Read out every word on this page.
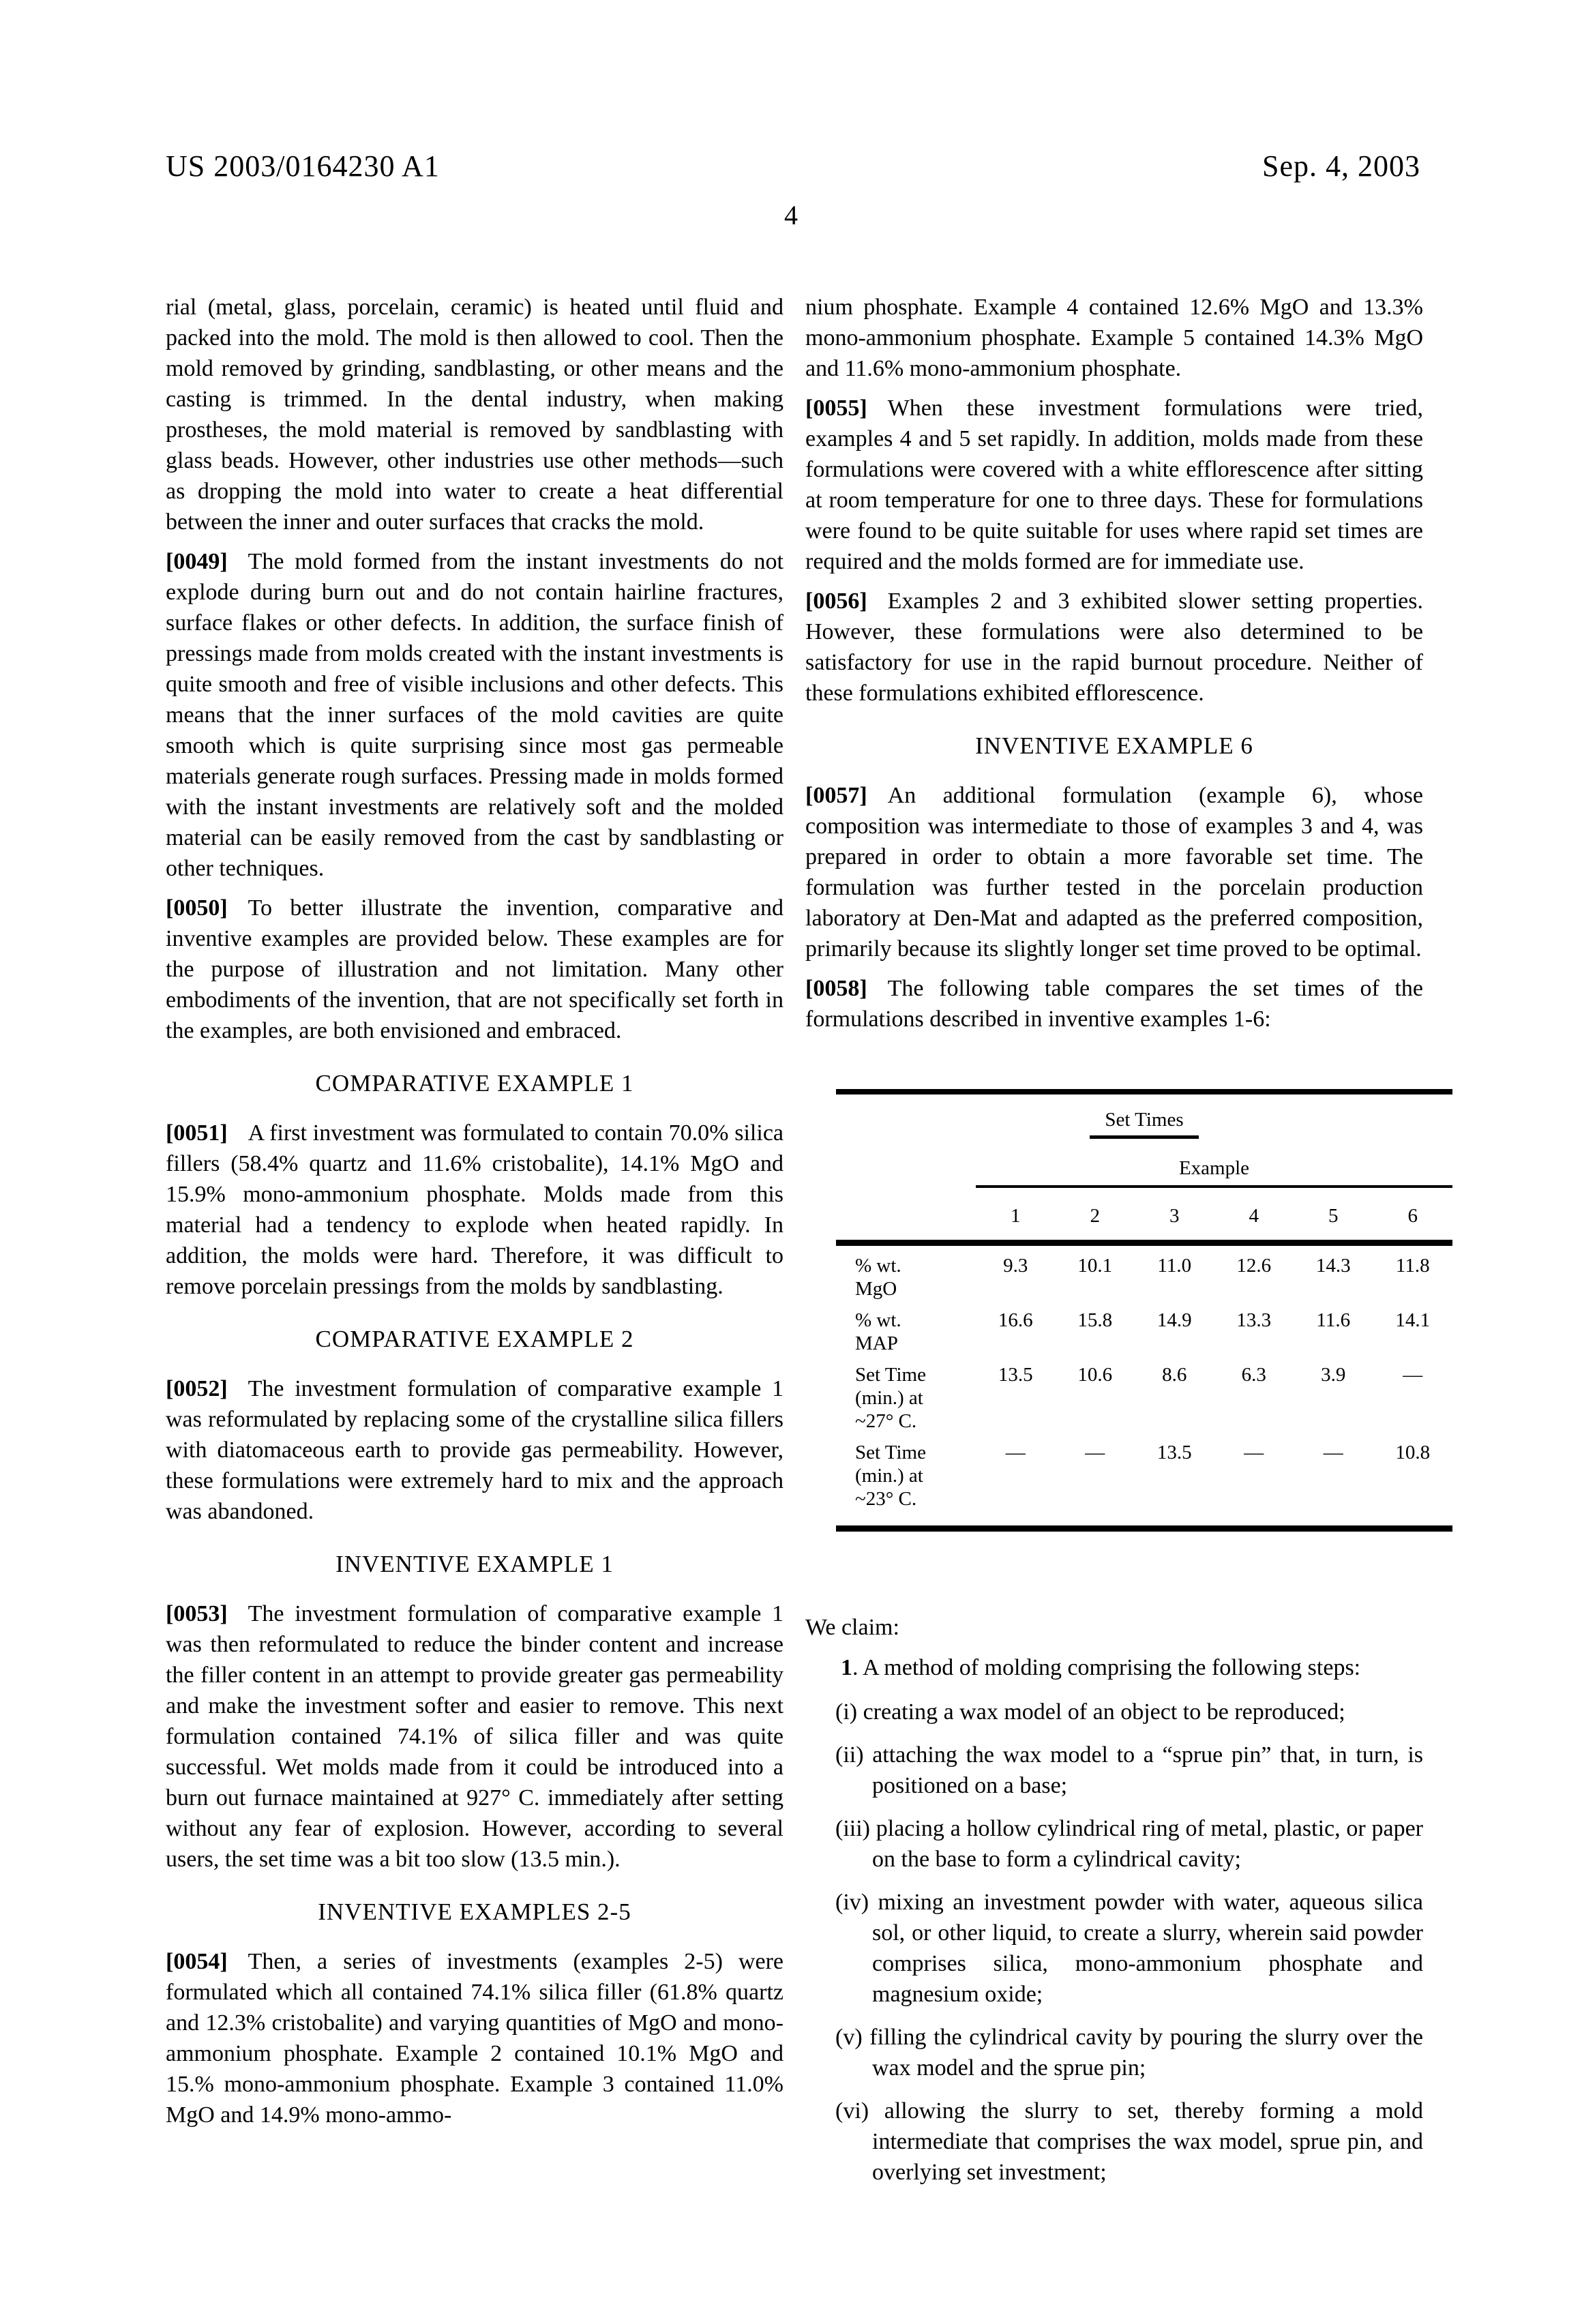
US 2003/0164230 A1	Sep. 4, 2003
4

rial (metal, glass, porcelain, ceramic) is heated until fluid and packed into the mold. The mold is then allowed to cool. Then the mold removed by grinding, sandblasting, or other means and the casting is trimmed. In the dental industry, when making prostheses, the mold material is removed by sandblasting with glass beads. However, other industries use other methods—such as dropping the mold into water to create a heat differential between the inner and outer surfaces that cracks the mold.

[0049] The mold formed from the instant investments do not explode during burn out and do not contain hairline fractures, surface flakes or other defects. In addition, the surface finish of pressings made from molds created with the instant investments is quite smooth and free of visible inclusions and other defects. This means that the inner surfaces of the mold cavities are quite smooth which is quite surprising since most gas permeable materials generate rough surfaces. Pressing made in molds formed with the instant investments are relatively soft and the molded material can be easily removed from the cast by sandblasting or other techniques.

[0050] To better illustrate the invention, comparative and inventive examples are provided below. These examples are for the purpose of illustration and not limitation. Many other embodiments of the invention, that are not specifically set forth in the examples, are both envisioned and embraced.

COMPARATIVE EXAMPLE 1

[0051] A first investment was formulated to contain 70.0% silica fillers (58.4% quartz and 11.6% cristobalite), 14.1% MgO and 15.9% mono-ammonium phosphate. Molds made from this material had a tendency to explode when heated rapidly. In addition, the molds were hard. Therefore, it was difficult to remove porcelain pressings from the molds by sandblasting.

COMPARATIVE EXAMPLE 2

[0052] The investment formulation of comparative example 1 was reformulated by replacing some of the crystalline silica fillers with diatomaceous earth to provide gas permeability. However, these formulations were extremely hard to mix and the approach was abandoned.

INVENTIVE EXAMPLE 1

[0053] The investment formulation of comparative example 1 was then reformulated to reduce the binder content and increase the filler content in an attempt to provide greater gas permeability and make the investment softer and easier to remove. This next formulation contained 74.1% of silica filler and was quite successful. Wet molds made from it could be introduced into a burn out furnace maintained at 927° C. immediately after setting without any fear of explosion. However, according to several users, the set time was a bit too slow (13.5 min.).

INVENTIVE EXAMPLES 2-5

[0054] Then, a series of investments (examples 2-5) were formulated which all contained 74.1% silica filler (61.8% quartz and 12.3% cristobalite) and varying quantities of MgO and mono-ammonium phosphate. Example 2 contained 10.1% MgO and 15.% mono-ammonium phosphate. Example 3 contained 11.0% MgO and 14.9% mono-ammo-

nium phosphate. Example 4 contained 12.6% MgO and 13.3% mono-ammonium phosphate. Example 5 contained 14.3% MgO and 11.6% mono-ammonium phosphate.

[0055] When these investment formulations were tried, examples 4 and 5 set rapidly. In addition, molds made from these formulations were covered with a white efflorescence after sitting at room temperature for one to three days. These for formulations were found to be quite suitable for uses where rapid set times are required and the molds formed are for immediate use.

[0056] Examples 2 and 3 exhibited slower setting properties. However, these formulations were also determined to be satisfactory for use in the rapid burnout procedure. Neither of these formulations exhibited efflorescence.

INVENTIVE EXAMPLE 6

[0057] An additional formulation (example 6), whose composition was intermediate to those of examples 3 and 4, was prepared in order to obtain a more favorable set time. The formulation was further tested in the porcelain production laboratory at Den-Mat and adapted as the preferred composition, primarily because its slightly longer set time proved to be optimal.

[0058] The following table compares the set times of the formulations described in inventive examples 1-6:

Set Times
Example
1	2	3	4	5	6
% wt.
MgO
9.3	10.1	11.0	12.6	14.3	11.8
% wt.
MAP
16.6	15.8	14.9	13.3	11.6	14.1
Set Time
(min.) at
~27° C.
13.5	10.6	8.6	6.3	3.9	—
Set Time
(min.) at
~23° C.
—	—	13.5	—	—	10.8

We claim:

1. A method of molding comprising the following steps:

(i) creating a wax model of an object to be reproduced;

(ii) attaching the wax model to a “sprue pin” that, in turn, is positioned on a base;

(iii) placing a hollow cylindrical ring of metal, plastic, or paper on the base to form a cylindrical cavity;

(iv) mixing an investment powder with water, aqueous silica sol, or other liquid, to create a slurry, wherein said powder comprises silica, mono-ammonium phosphate and magnesium oxide;

(v) filling the cylindrical cavity by pouring the slurry over the wax model and the sprue pin;

(vi) allowing the slurry to set, thereby forming a mold intermediate that comprises the wax model, sprue pin, and overlying set investment;
